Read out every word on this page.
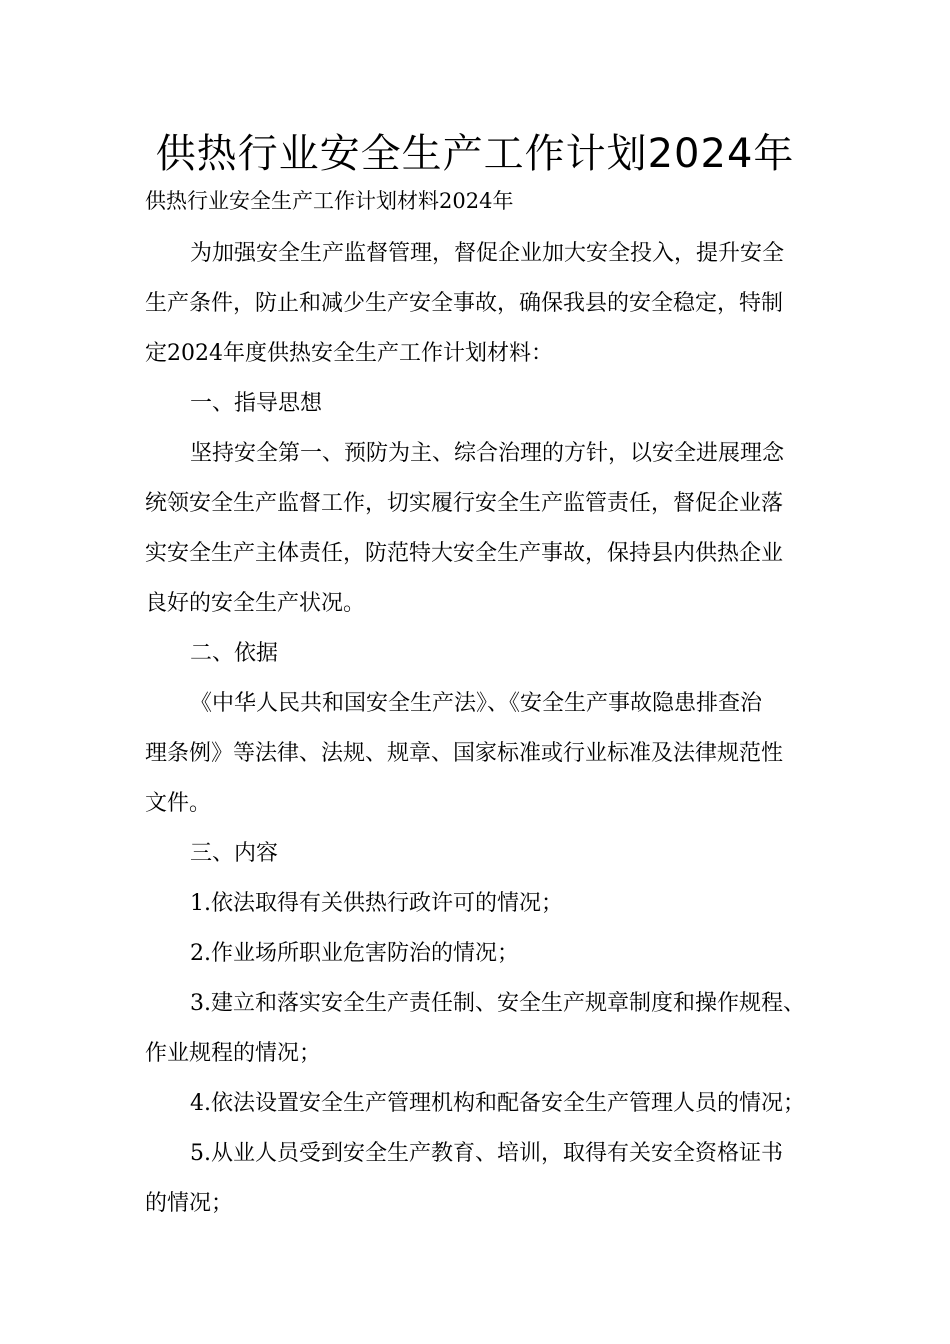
供热行业安全生产工作计划2024年
供热行业安全生产工作计划材料2024年
为加强安全生产监督管理，督促企业加大安全投入，提升安全
生产条件，防止和减少生产安全事故，确保我县的安全稳定，特制
定2024年度供热安全生产工作计划材料：
一、指导思想
坚持安全第一、预防为主、综合治理的方针，以安全进展理念
统领安全生产监督工作，切实履行安全生产监管责任，督促企业落
实安全生产主体责任，防范特大安全生产事故，保持县内供热企业
良好的安全生产状况。
二、依据
《中华人民共和国安全生产法》、《安全生产事故隐患排查治
理条例》等法律、法规、规章、国家标准或行业标准及法律规范性
文件。
三、内容
1.依法取得有关供热行政许可的情况；
2.作业场所职业危害防治的情况；
3.建立和落实安全生产责任制、安全生产规章制度和操作规程、
作业规程的情况；
4.依法设置安全生产管理机构和配备安全生产管理人员的情况；
5.从业人员受到安全生产教育、培训，取得有关安全资格证书
的情况；
